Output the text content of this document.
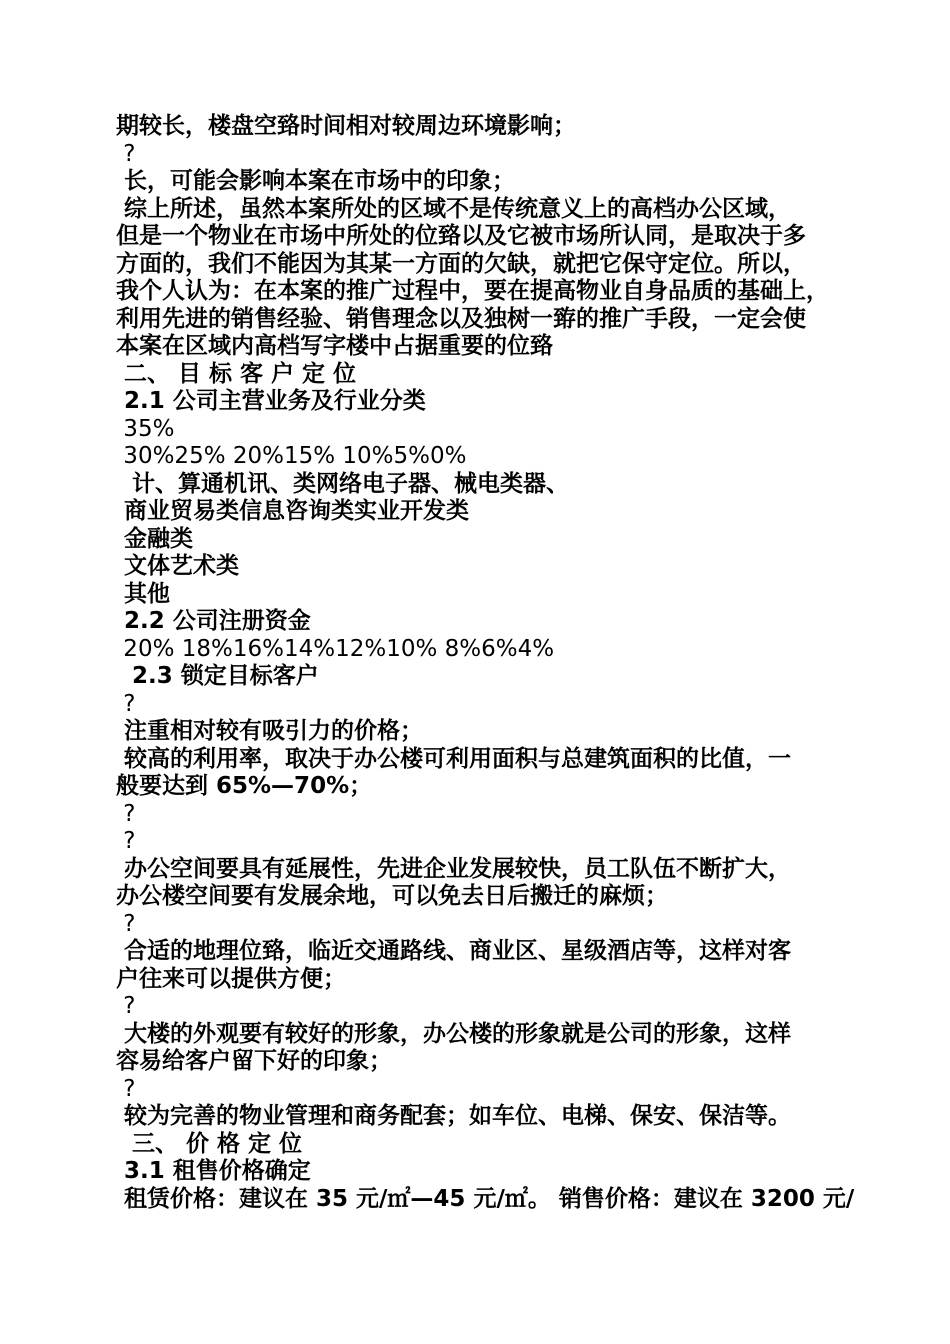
期较长，楼盘空臵时间相对较周边环境影响；
?
长，可能会影响本案在市场中的印象；
综上所述，虽然本案所处的区域不是传统意义上的高档办公区域，
但是一个物业在市场中所处的位臵以及它被市场所认同，是取决于多
方面的，我们不能因为其某一方面的欠缺，就把它保守定位。所以，
我个人认为：在本案的推广过程中，要在提高物业自身品质的基础上，
利用先进的销售经验、销售理念以及独树一臶的推广手段，一定会使
本案在区域内高档写字楼中占据重要的位臵
二、 目 标 客 户 定 位
2.1 公司主营业务及行业分类
35%
30%25% 20%15% 10%5%0%
计、算通机讯、类网络电子器、械电类器、
商业贸易类信息咨询类实业开发类
金融类
文体艺术类
其他
2.2 公司注册资金
20% 18%16%14%12%10% 8%6%4%
2.3 锁定目标客户
?
注重相对较有吸引力的价格；
较高的利用率，取决于办公楼可利用面积与总建筑面积的比值，一
般要达到 65%—70%；
?
?
办公空间要具有延展性，先进企业发展较快，员工队伍不断扩大，
办公楼空间要有发展余地，可以免去日后搬迁的麻烦；
?
合适的地理位臵，临近交通路线、商业区、星级酒店等，这样对客
户往来可以提供方便；
?
大楼的外观要有较好的形象，办公楼的形象就是公司的形象，这样
容易给客户留下好的印象；
?
较为完善的物业管理和商务配套；如车位、电梯、保安、保洁等。
三、 价 格 定 位
3.1 租售价格确定
租赁价格：建议在 35 元/㎡—45 元/㎡。 销售价格：建议在 3200 元/
